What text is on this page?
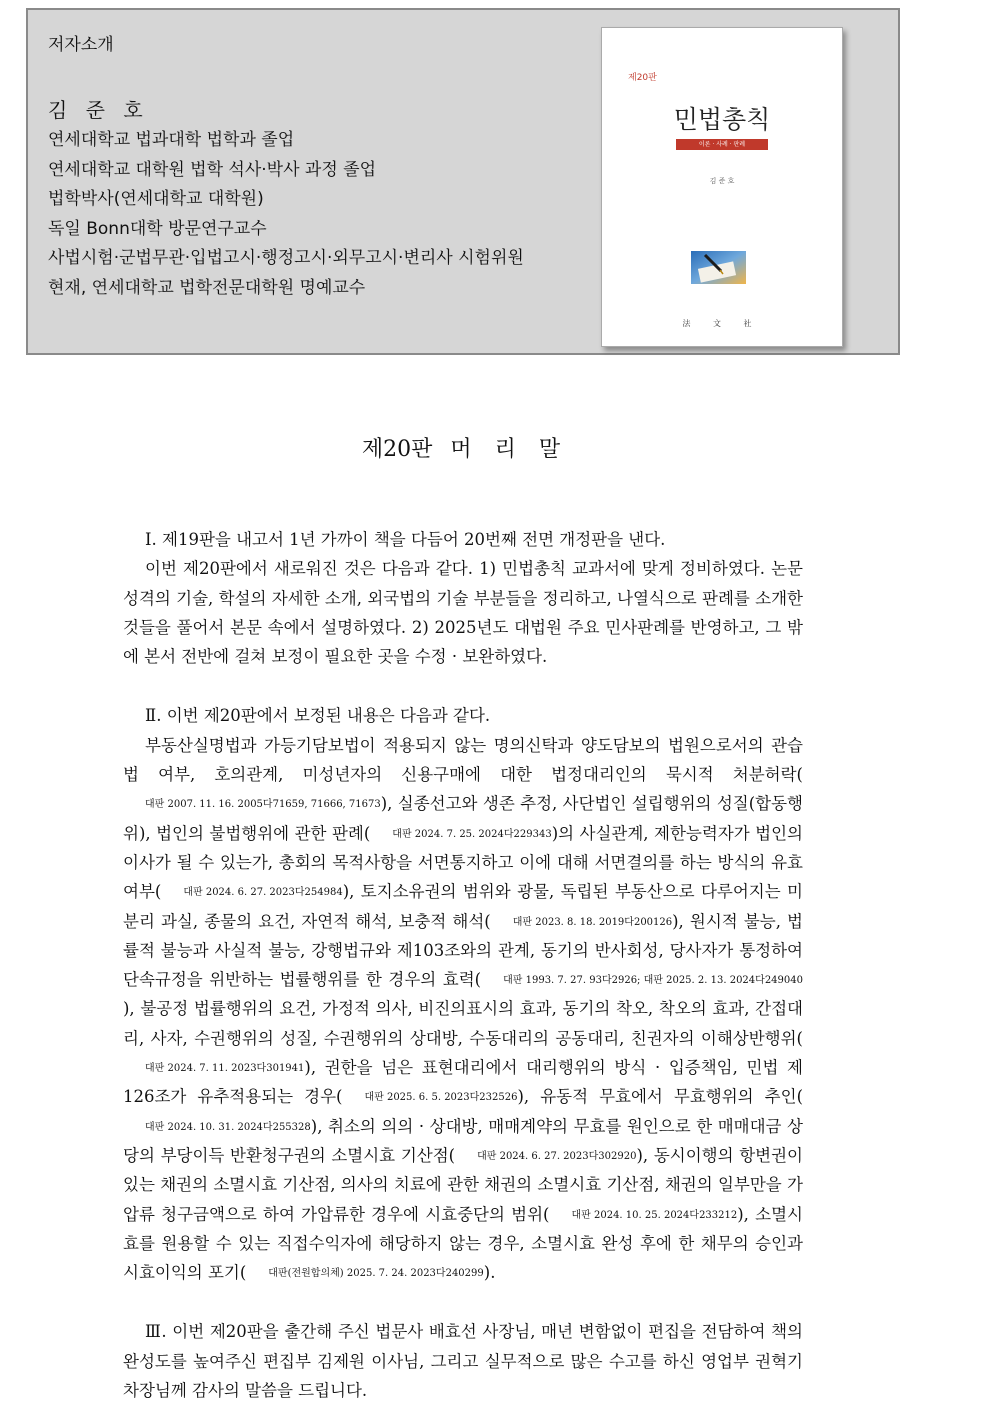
저자소개
김 준 호
연세대학교 법과대학 법학과 졸업
연세대학교 대학원 법학 석사·박사 과정 졸업
법학박사(연세대학교 대학원)
독일 Bonn대학 방문연구교수
사법시험·군법무관·입법고시·행정고시·외무고시·변리사 시험위원
현재, 연세대학교 법학전문대학원 명예교수
제20판
민법총칙
이론 · 사례 · 판례
김 준 호
法 文 社
제20판 머 리 말

Ⅰ. 제19판을 내고서 1년 가까이 책을 다듬어 20번째 전면 개정판을 낸다.

이번 제20판에서 새로워진 것은 다음과 같다. 1) 민법총칙 교과서에 맞게 정비하였다. 논문 성격의 기술, 학설의 자세한 소개, 외국법의 기술 부분들을 정리하고, 나열식으로 판례를 소개한 것들을 풀어서 본문 속에서 설명하였다. 2) 2025년도 대법원 주요 민사판례를 반영하고, 그 밖에 본서 전반에 걸쳐 보정이 필요한 곳을 수정 · 보완하였다.

Ⅱ. 이번 제20판에서 보정된 내용은 다음과 같다.

부동산실명법과 가등기담보법이 적용되지 않는 명의신탁과 양도담보의 법원으로서의 관습법 여부, 호의관계, 미성년자의 신용구매에 대한 법정대리인의 묵시적 처분허락(대판 2007. 11. 16. 2005다71659, 71666, 71673), 실종선고와 생존 추정, 사단법인 설립행위의 성질(합동행위), 법인의 불법행위에 관한 판례( 대판 2024. 7. 25. 2024다229343)의 사실관계, 제한능력자가 법인의 이사가 될 수 있는가, 총회의 목적사항을 서면통지하고 이에 대해 서면결의를 하는 방식의 유효 여부( 대판 2024. 6. 27. 2023다254984), 토지소유권의 범위와 광물, 독립된 부동산으로 다루어지는 미분리 과실, 종물의 요건, 자연적 해석, 보충적 해석( 대판 2023. 8. 18. 2019다200126), 원시적 불능, 법률적 불능과 사실적 불능, 강행법규와 제103조와의 관계, 동기의 반사회성, 당사자가 통정하여 단속규정을 위반하는 법률행위를 한 경우의 효력( 대판 1993. 7. 27. 93다2926; 대판 2025. 2. 13. 2024다249040), 불공정 법률행위의 요건, 가정적 의사, 비진의표시의 효과, 동기의 착오, 착오의 효과, 간접대리, 사자, 수권행위의 성질, 수권행위의 상대방, 수동대리의 공동대리, 친권자의 이해상반행위(대판 2024. 7. 11. 2023다301941), 권한을 넘은 표현대리에서 대리행위의 방식 · 입증책임, 민법 제126조가 유추적용되는 경우( 대판 2025. 6. 5. 2023다232526), 유동적 무효에서 무효행위의 추인(대판 2024. 10. 31. 2024다255328), 취소의 의의 · 상대방, 매매계약의 무효를 원인으로 한 매매대금 상당의 부당이득 반환청구권의 소멸시효 기산점( 대판 2024. 6. 27. 2023다302920), 동시이행의 항변권이 있는 채권의 소멸시효 기산점, 의사의 치료에 관한 채권의 소멸시효 기산점, 채권의 일부만을 가압류 청구금액으로 하여 가압류한 경우에 시효중단의 범위( 대판 2024. 10. 25. 2024다233212), 소멸시효를 원용할 수 있는 직접수익자에 해당하지 않는 경우, 소멸시효 완성 후에 한 채무의 승인과 시효이익의 포기( 대판(전원합의체) 2025. 7. 24. 2023다240299).

Ⅲ. 이번 제20판을 출간해 주신 법문사 배효선 사장님, 매년 변함없이 편집을 전담하여 책의 완성도를 높여주신 편집부 김제원 이사님, 그리고 실무적으로 많은 수고를 하신 영업부 권혁기 차장님께 감사의 말씀을 드립니다.
